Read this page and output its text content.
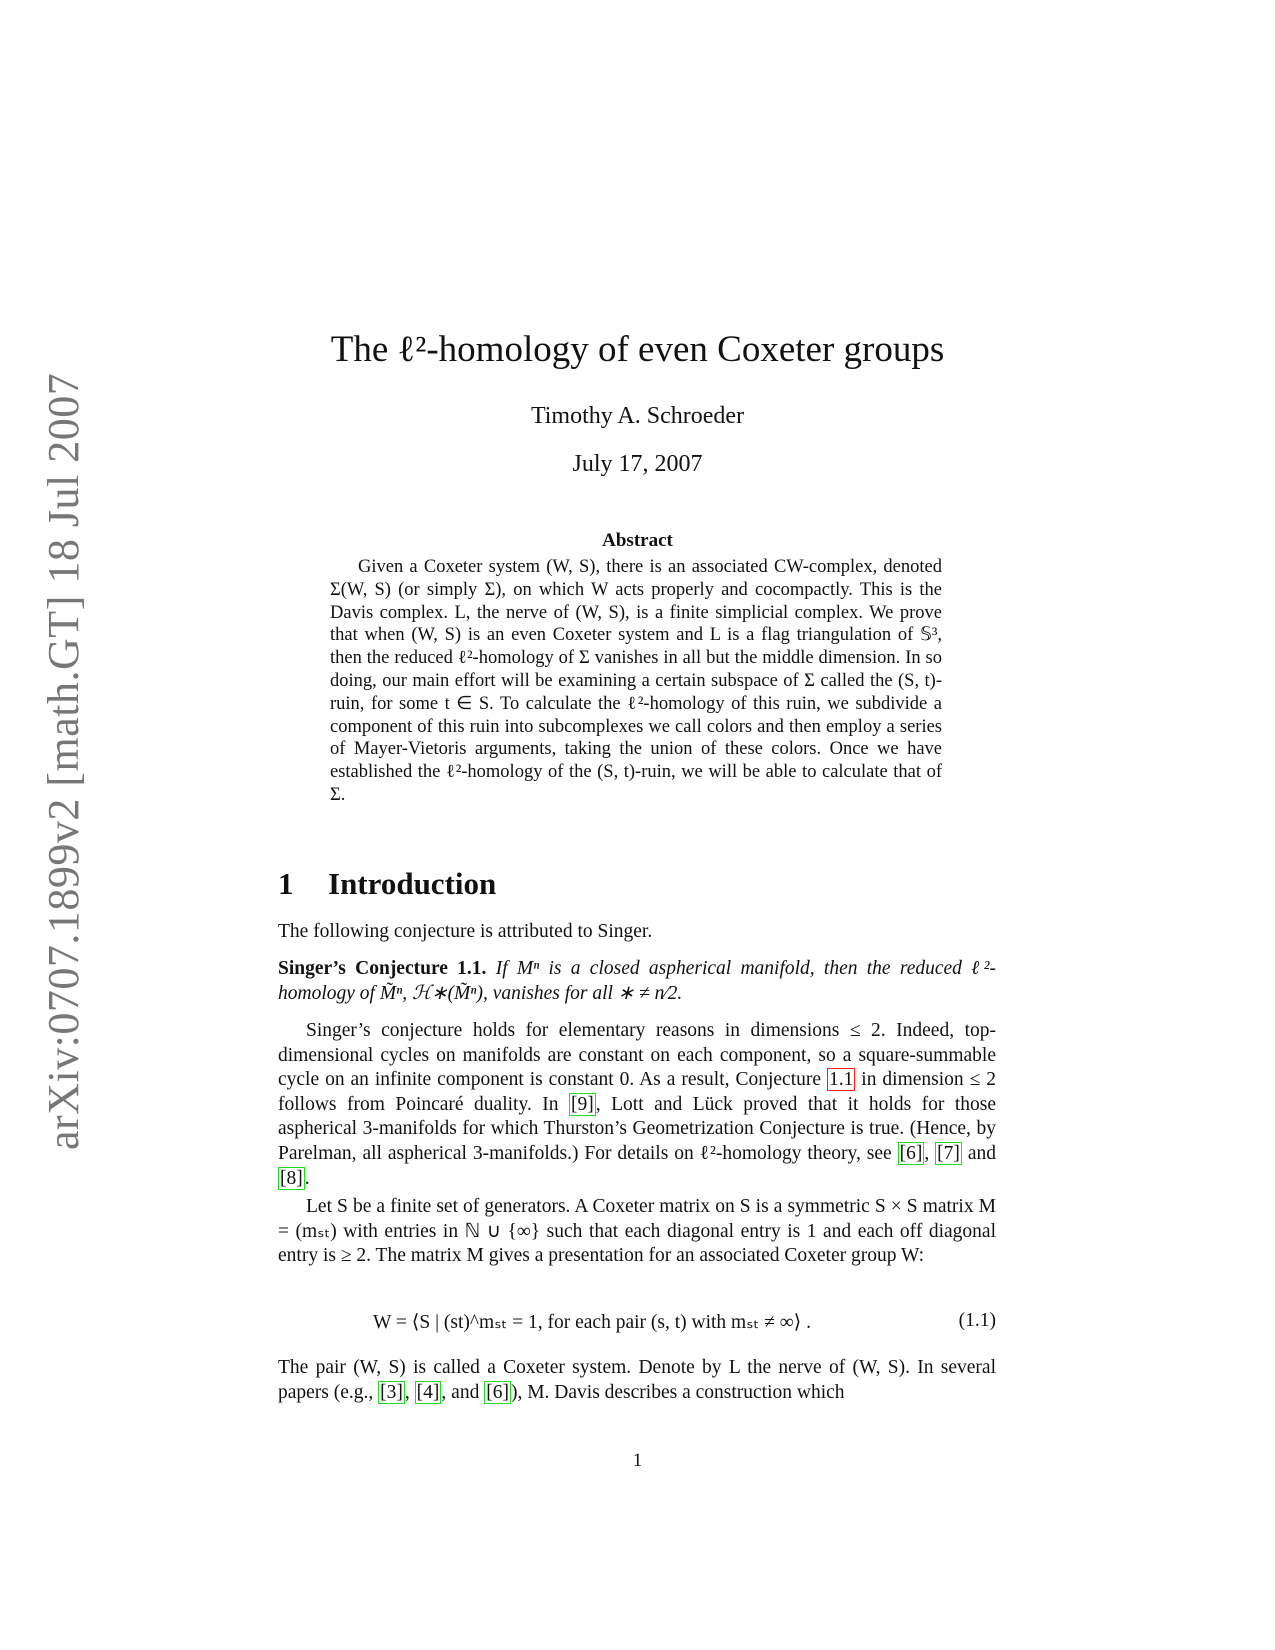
arXiv:0707.1899v2 [math.GT] 18 Jul 2007
The ℓ²-homology of even Coxeter groups
Timothy A. Schroeder
July 17, 2007
Abstract
Given a Coxeter system (W, S), there is an associated CW-complex, denoted Σ(W, S) (or simply Σ), on which W acts properly and cocompactly. This is the Davis complex. L, the nerve of (W, S), is a finite simplicial complex. We prove that when (W, S) is an even Coxeter system and L is a flag triangulation of 𝕊³, then the reduced ℓ²-homology of Σ vanishes in all but the middle dimension. In so doing, our main effort will be examining a certain subspace of Σ called the (S, t)-ruin, for some t ∈ S. To calculate the ℓ²-homology of this ruin, we subdivide a component of this ruin into subcomplexes we call colors and then employ a series of Mayer-Vietoris arguments, taking the union of these colors. Once we have established the ℓ²-homology of the (S, t)-ruin, we will be able to calculate that of Σ.
1 Introduction
The following conjecture is attributed to Singer.
Singer’s Conjecture 1.1. If Mⁿ is a closed aspherical manifold, then the reduced ℓ²-homology of M̃ⁿ, ℋ∗(M̃ⁿ), vanishes for all ∗ ≠ n⁄2.
Singer’s conjecture holds for elementary reasons in dimensions ≤ 2. Indeed, top-dimensional cycles on manifolds are constant on each component, so a square-summable cycle on an infinite component is constant 0. As a result, Conjecture 1.1 in dimension ≤ 2 follows from Poincaré duality. In [9] , Lott and Lück proved that it holds for those aspherical 3-manifolds for which Thurston’s Geometrization Conjecture is true. (Hence, by Parelman, all aspherical 3-manifolds.) For details on ℓ²-homology theory, see [6] , [7] and [8] .
Let S be a finite set of generators. A Coxeter matrix on S is a symmetric S × S matrix M = (mₛₜ) with entries in ℕ ∪ {∞} such that each diagonal entry is 1 and each off diagonal entry is ≥ 2. The matrix M gives a presentation for an associated Coxeter group W:
W = ⟨S | (st)^mₛₜ = 1, for each pair (s, t) with mₛₜ ≠ ∞⟩ .	(1.1)
The pair (W, S) is called a Coxeter system. Denote by L the nerve of (W, S). In several papers (e.g., [3] , [4] , and [6] ), M. Davis describes a construction which
1
